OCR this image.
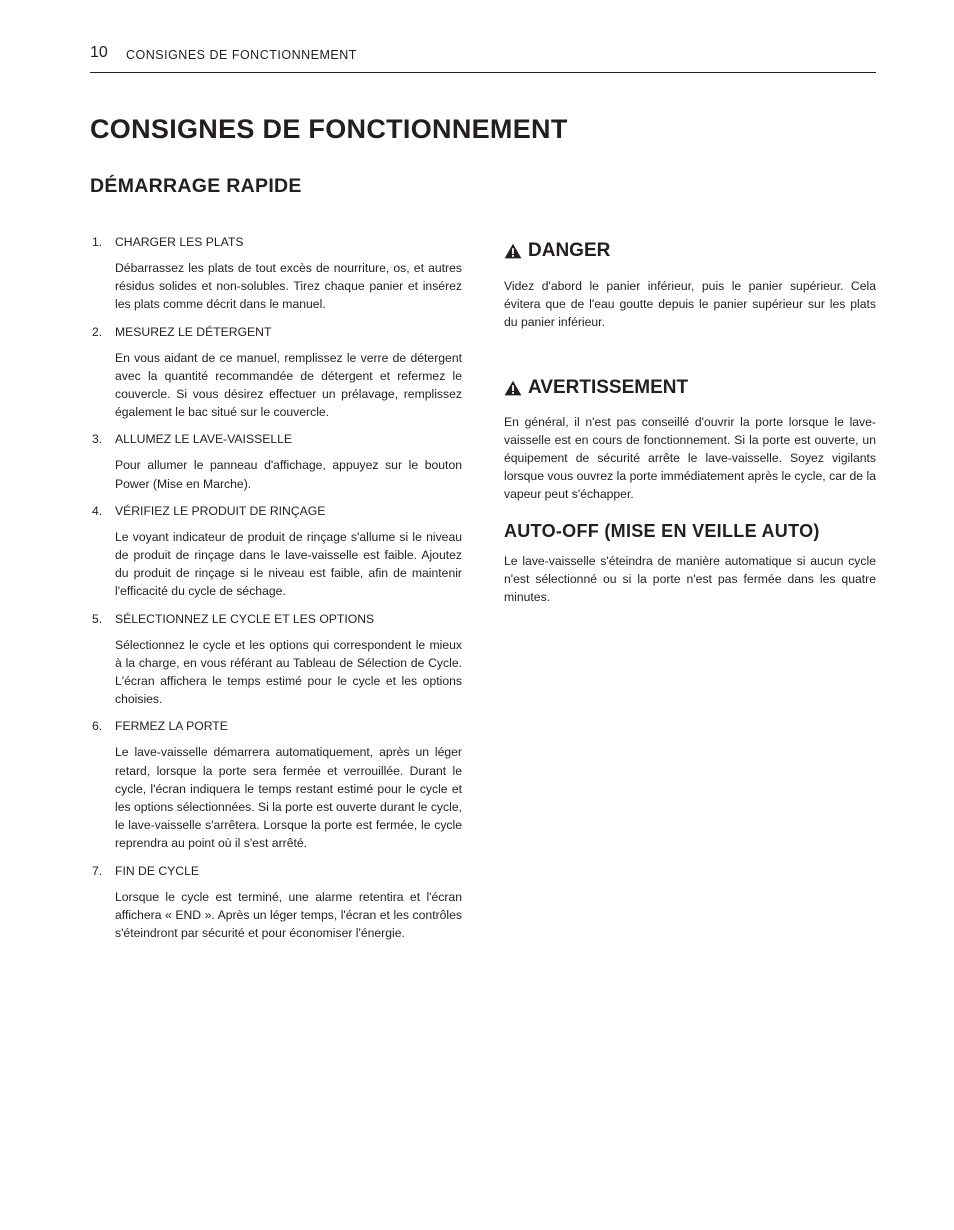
10 CONSIGNES DE FONCTIONNEMENT
CONSIGNES DE FONCTIONNEMENT
DÉMARRAGE RAPIDE
1.	CHARGER LES PLATS

Débarrassez les plats de tout excès de nourriture, os, et autres résidus solides et non-solubles. Tirez chaque panier et insérez les plats comme décrit dans le manuel.

2.	MESUREZ LE DÉTERGENT

En vous aidant de ce manuel, remplissez le verre de détergent avec la quantité recommandée de détergent et refermez le couvercle. Si vous désirez effectuer un prélavage, remplissez également le bac situé sur le couvercle.

3.	ALLUMEZ LE LAVE-VAISSELLE

Pour allumer le panneau d'affichage, appuyez sur le bouton Power (Mise en Marche).

4.	VÉRIFIEZ LE PRODUIT DE RINÇAGE

Le voyant indicateur de produit de rinçage s'allume si le niveau de produit de rinçage dans le lave-vaisselle est faible. Ajoutez du produit de rinçage si le niveau est faible, afin de maintenir l'efficacité du cycle de séchage.

5.	SÉLECTIONNEZ LE CYCLE ET LES OPTIONS

Sélectionnez le cycle et les options qui correspondent le mieux à la charge, en vous référant au Tableau de Sélection de Cycle. L'écran affichera le temps estimé pour le cycle et les options choisies.

6.	FERMEZ LA PORTE

Le lave-vaisselle démarrera automatiquement, après un léger retard, lorsque la porte sera fermée et verrouillée. Durant le cycle, l'écran indiquera le temps restant estimé pour le cycle et les options sélectionnées. Si la porte est ouverte durant le cycle, le lave-vaisselle s'arrêtera. Lorsque la porte est fermée, le cycle reprendra au point où il s'est arrêté.

7.	FIN DE CYCLE

Lorsque le cycle est terminé, une alarme retentira et l'écran affichera « END ». Après un léger temps, l'écran et les contrôles s'éteindront par sécurité et pour économiser l'énergie.

DANGER

Videz d'abord le panier inférieur, puis le panier supérieur. Cela évitera que de l'eau goutte depuis le panier supérieur sur les plats du panier inférieur.

AVERTISSEMENT

En général, il n'est pas conseillé d'ouvrir la porte lorsque le lave-vaisselle est en cours de fonctionnement. Si la porte est ouverte, un équipement de sécurité arrête le lave-vaisselle. Soyez vigilants lorsque vous ouvrez la porte immédiatement après le cycle, car de la vapeur peut s'échapper.

AUTO-OFF (MISE EN VEILLE AUTO)

Le lave-vaisselle s'éteindra de manière automatique si aucun cycle n'est sélectionné ou si la porte n'est pas fermée dans les quatre minutes.
